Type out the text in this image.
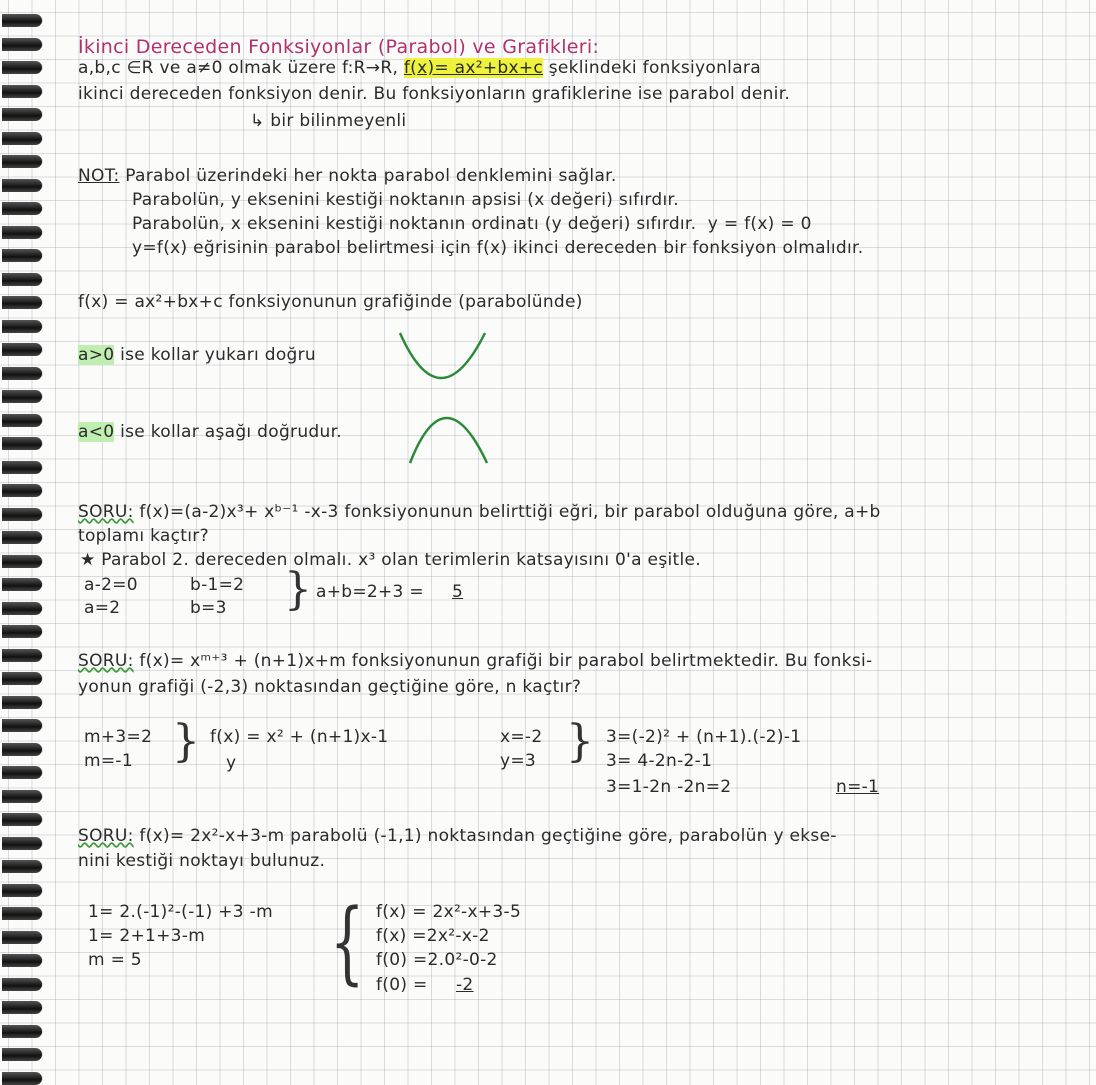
İkinci Dereceden Fonksiyonlar (Parabol) ve Grafikleri:
a,b,c ∈R ve a≠0 olmak üzere f:R→R, f(x)= ax²+bx+c şeklindeki fonksiyonlara
ikinci dereceden fonksiyon denir. Bu fonksiyonların grafiklerine ise parabol denir.
↳ bir bilinmeyenli
NOT: Parabol üzerindeki her nokta parabol denklemini sağlar.
Parabolün, y eksenini kestiği noktanın apsisi (x değeri) sıfırdır.
Parabolün, x eksenini kestiği noktanın ordinatı (y değeri) sıfırdır. y = f(x) = 0
y=f(x) eğrisinin parabol belirtmesi için f(x) ikinci dereceden bir fonksiyon olmalıdır.
f(x) = ax²+bx+c fonksiyonunun grafiğinde (parabolünde)
a>0 ise kollar yukarı doğru
a<0 ise kollar aşağı doğrudur.
SORU: f(x)=(a-2)x³+ xᵇ⁻¹ -x-3 fonksiyonunun belirttiği eğri, bir parabol olduğuna göre, a+b
toplamı kaçtır?
★ Parabol 2. dereceden olmalı. x³ olan terimlerin katsayısını 0'a eşitle.
a-2=0
a=2
b-1=2
b=3 } a+b=2+3 = 5
SORU: f(x)= xᵐ⁺³ + (n+1)x+m fonksiyonunun grafiği bir parabol belirtmektedir. Bu fonksi-
yonun grafiği (-2,3) noktasından geçtiğine göre, n kaçtır?
m+3=2
m=-1 } f(x) = x² + (n+1)x-1
y
x=-2
y=3 } 3=(-2)² + (n+1).(-2)-1
3= 4-2n-2-1
3=1-2n -2n=2	n=-1
SORU: f(x)= 2x²-x+3-m parabolü (-1,1) noktasından geçtiğine göre, parabolün y ekse-
nini kestiği noktayı bulunuz.
1= 2.(-1)²-(-1) +3 -m
1= 2+1+3-m
m = 5 { f(x) = 2x²-x+3-5
f(x) =2x²-x-2
f(0) =2.0²-0-2
f(0) = -2
